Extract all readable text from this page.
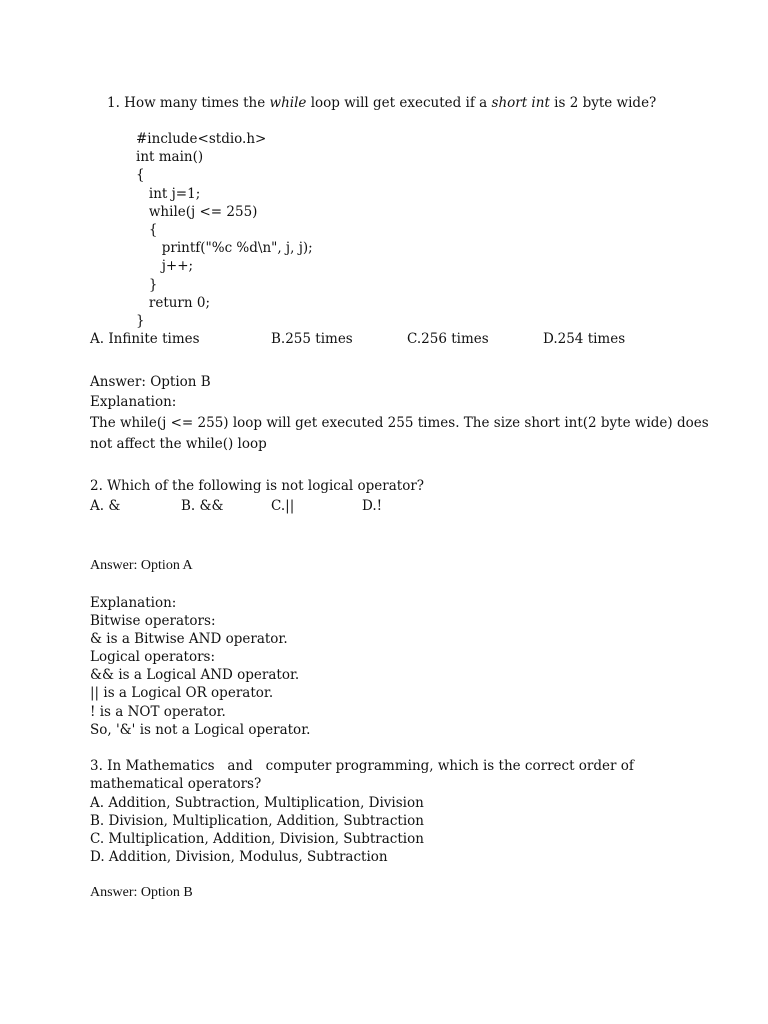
1. How many times the while loop will get executed if a short int is 2 byte wide?
#include<stdio.h>
int main()
{
int j=1;
while(j <= 255)
{
printf("%c %d\n", j, j);
j++;
}
return 0;
}
A. Infinite times	B.255 times	C.256 times	D.254 times
Answer: Option B
Explanation:
The while(j <= 255) loop will get executed 255 times. The size short int(2 byte wide) does
not affect the while() loop
2. Which of the following is not logical operator?
A. &	B. &&	C.||	D.!
Answer: Option A
Explanation:
Bitwise operators:
& is a Bitwise AND operator.
Logical operators:
&& is a Logical AND operator.
|| is a Logical OR operator.
! is a NOT operator.
So, '&' is not a Logical operator.
3. In Mathematics   and   computer programming, which is the correct order of
mathematical operators?
A. Addition, Subtraction, Multiplication, Division
B. Division, Multiplication, Addition, Subtraction
C. Multiplication, Addition, Division, Subtraction
D. Addition, Division, Modulus, Subtraction
Answer: Option B
